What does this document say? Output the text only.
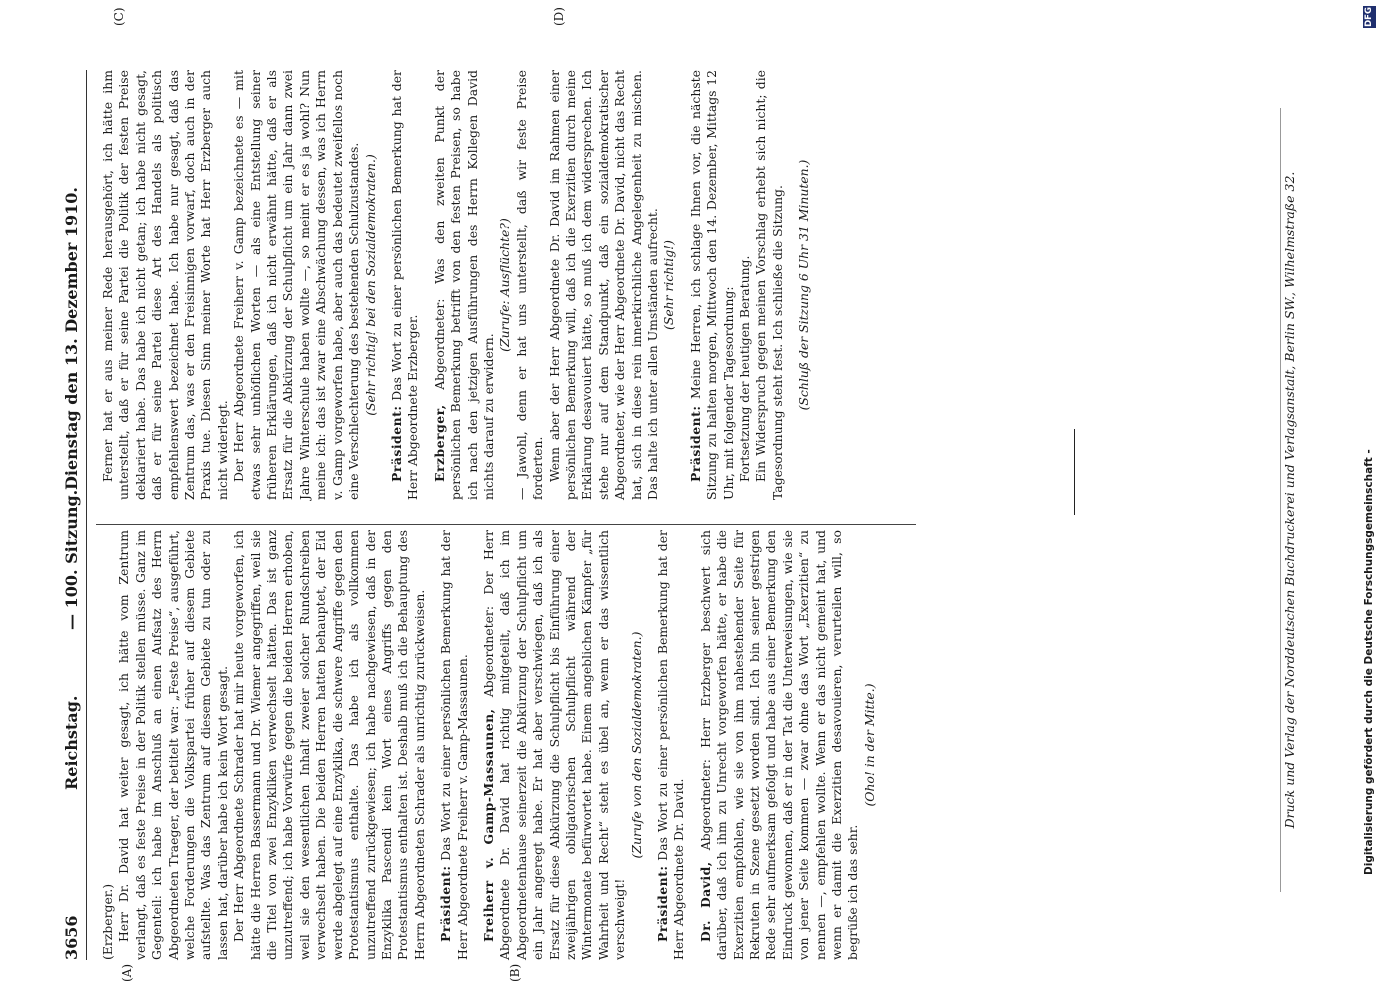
3656
Reichstag.
— 100. Sitzung.
Dienstag den 13. Dezember 1910.
(A)	(B)
(C)	(D)

(Erzberger.) Herr Dr. David hat weiter gesagt, ich hätte vom Zentrum verlangt, daß es feste Preise in der Politik stellen müsse. Ganz im Gegenteil: ich habe im Anschluß an einen Aufsatz des Herrn Abgeordneten Traeger, der betitelt war: „Feste Preise“, ausgeführt, welche Forderungen die Volkspartei früher auf diesem Gebiete aufstellte. Was das Zentrum auf diesem Gebiete zu tun oder zu lassen hat, darüber habe ich kein Wort gesagt. Der Herr Abgeordnete Schrader hat mir heute vorgeworfen, ich hätte die Herren Bassermann und Dr. Wiemer angegriffen, weil sie die Titel von zwei Enzykliken verwechselt hätten. Das ist ganz unzutreffend; ich habe Vorwürfe gegen die beiden Herren erhoben, weil sie den wesentlichen Inhalt zweier solcher Rundschreiben verwechselt haben. Die beiden Herren hatten behauptet, der Eid werde abgelegt auf eine Enzyklika, die schwere Angriffe gegen den Protestantismus enthalte. Das habe ich als vollkommen unzutreffend zurückgewiesen; ich habe nachgewiesen, daß in der Enzyklika Pascendi kein Wort eines Angriffs gegen den Protestantismus enthalten ist. Deshalb muß ich die Behauptung des Herrn Abgeordneten Schrader als unrichtig zurückweisen. Präsident: Das Wort zu einer persönlichen Bemerkung hat der Herr Abgeordnete Freiherr v. Gamp-Massaunen. Freiherr v. Gamp-Massaunen, Abgeordneter: Der Herr Abgeordnete Dr. David hat richtig mitgeteilt, daß ich im Abgeordnetenhause seinerzeit die Abkürzung der Schulpflicht um ein Jahr angeregt habe. Er hat aber verschwiegen, daß ich als Ersatz für diese Abkürzung die Schulpflicht bis Einführung einer zweijährigen obligatorischen Schulpflicht während der Wintermonate befürwortet habe. Einem angeblichen Kämpfer „für Wahrheit und Recht“ steht es übel an, wenn er das wissentlich verschweigt!

(Zurufe von den Sozialdemokraten.)

Präsident: Das Wort zu einer persönlichen Bemerkung hat der Herr Abgeordnete Dr. David. Dr. David, Abgeordneter: Herr Erzberger beschwert sich darüber, daß ich ihm zu Unrecht vorgeworfen hätte, er habe die Exerzitien empfohlen, wie sie von ihm nahestehender Seite für Rekruten in Szene gesetzt worden sind. Ich bin seiner gestrigen Rede sehr aufmerksam gefolgt und habe aus einer Bemerkung den Eindruck gewonnen, daß er in der Tat die Unterweisungen, wie sie von jener Seite kommen — zwar ohne das Wort „Exerzitien“ zu nennen —, empfehlen wollte. Wenn er das nicht gemeint hat, und wenn er damit die Exerzitien desavouieren, verurteilen will, so begrüße ich das sehr.

(Oho! in der Mitte.)

Ferner hat er aus meiner Rede herausgehört, ich hätte ihm unterstellt, daß er für seine Partei die Politik der festen Preise deklariert habe. Das habe ich nicht getan; ich habe nicht gesagt, daß er für seine Partei diese Art des Handels als politisch empfehlenswert bezeichnet habe. Ich habe nur gesagt, daß das Zentrum das, was er den Freisinnigen vorwarf, doch auch in der Praxis tue. Diesen Sinn meiner Worte hat Herr Erzberger auch nicht widerlegt. Der Herr Abgeordnete Freiherr v. Gamp bezeichnete es — mit etwas sehr unhöflichen Worten — als eine Entstellung seiner früheren Erklärungen, daß ich nicht erwähnt hätte, daß er als Ersatz für die Abkürzung der Schulpflicht um ein Jahr dann zwei Jahre Winterschule haben wollte —, so meint er es ja wohl? Nun meine ich: das ist zwar eine Abschwächung dessen, was ich Herrn v. Gamp vorgeworfen habe, aber auch das bedeutet zweifellos noch eine Verschlechterung des bestehenden Schulzustandes. (Sehr richtig! bei den Sozialdemokraten.)

Präsident: Das Wort zu einer persönlichen Bemerkung hat der Herr Abgeordnete Erzberger. Erzberger, Abgeordneter: Was den zweiten Punkt der persönlichen Bemerkung betrifft von den festen Preisen, so habe ich nach den jetzigen Ausführungen des Herrn Kollegen David nichts darauf zu erwidern.

(Zurufe: Ausflüchte?) — Jawohl, denn er hat uns unterstellt, daß wir feste Preise forderten. Wenn aber der Herr Abgeordnete Dr. David im Rahmen einer persönlichen Bemerkung will, daß ich die Exerzitien durch meine Erklärung desavouiert hätte, so muß ich dem widersprechen. Ich stehe nur auf dem Standpunkt, daß ein sozialdemokratischer Abgeordneter, wie der Herr Abgeordnete Dr. David, nicht das Recht hat, sich in diese rein innerkirchliche Angelegenheit zu mischen. Das halte ich unter allen Umständen aufrecht. (Sehr richtig!)

Präsident: Meine Herren, ich schlage Ihnen vor, die nächste Sitzung zu halten morgen, Mittwoch den 14. Dezember, Mittags 12 Uhr, mit folgender Tagesordnung: Fortsetzung der heutigen Beratung. Ein Widerspruch gegen meinen Vorschlag erhebt sich nicht; die Tagesordnung steht fest. Ich schließe die Sitzung. (Schluß der Sitzung 6 Uhr 31 Minuten.)	Druck und Verlag der Norddeutschen Buchdruckerei und Verlagsanstalt, Berlin SW., Wilhelmstraße 32.	Digitalisierung gefördert durch die Deutsche Forschungsgemeinschaft -
DFG
